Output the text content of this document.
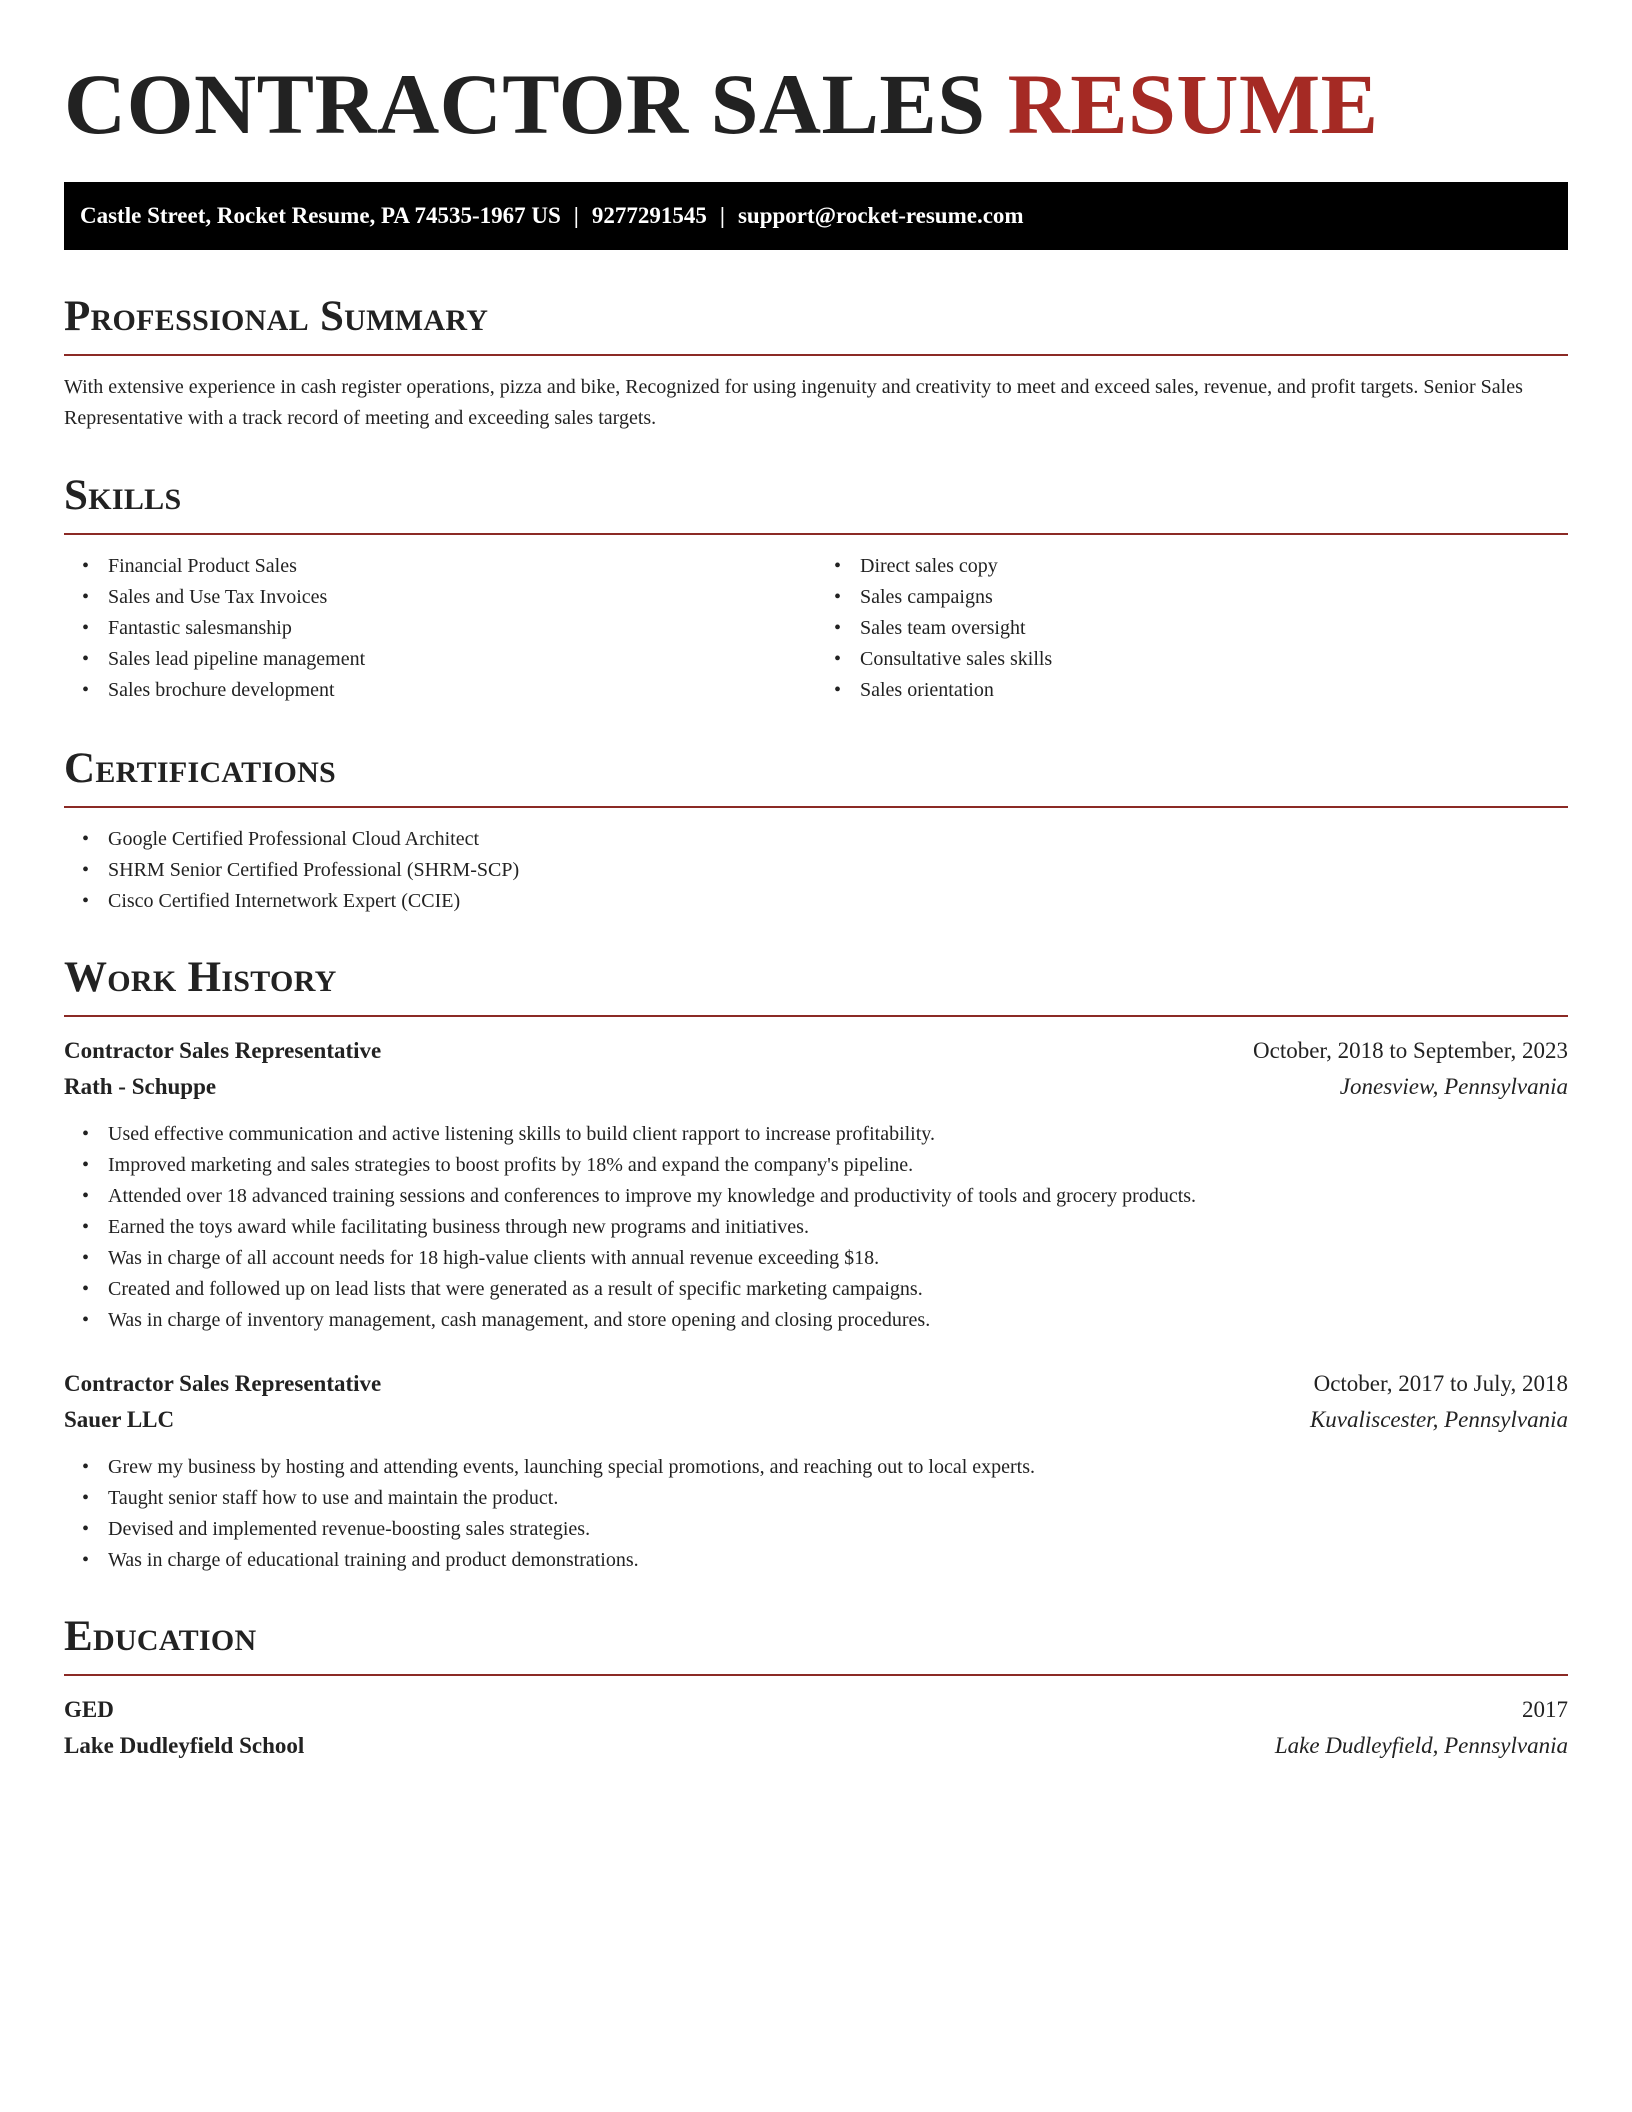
CONTRACTOR SALES RESUME
Castle Street, Rocket Resume, PA 74535-1967 US | 9277291545 | support@rocket-resume.com
Professional Summary
With extensive experience in cash register operations, pizza and bike, Recognized for using ingenuity and creativity to meet and exceed sales, revenue, and profit targets. Senior Sales Representative with a track record of meeting and exceeding sales targets.
Skills
• Financial Product Sales
• Sales and Use Tax Invoices
• Fantastic salesmanship
• Sales lead pipeline management
• Sales brochure development
• Direct sales copy
• Sales campaigns
• Sales team oversight
• Consultative sales skills
• Sales orientation
Certifications
• Google Certified Professional Cloud Architect
• SHRM Senior Certified Professional (SHRM-SCP)
• Cisco Certified Internetwork Expert (CCIE)
Work History
Contractor Sales Representative	October, 2018 to September, 2023
Rath - Schuppe	Jonesview, Pennsylvania
• Used effective communication and active listening skills to build client rapport to increase profitability.
• Improved marketing and sales strategies to boost profits by 18% and expand the company's pipeline.
• Attended over 18 advanced training sessions and conferences to improve my knowledge and productivity of tools and grocery products.
• Earned the toys award while facilitating business through new programs and initiatives.
• Was in charge of all account needs for 18 high-value clients with annual revenue exceeding $18.
• Created and followed up on lead lists that were generated as a result of specific marketing campaigns.
• Was in charge of inventory management, cash management, and store opening and closing procedures.
Contractor Sales Representative	October, 2017 to July, 2018
Sauer LLC	Kuvaliscester, Pennsylvania
• Grew my business by hosting and attending events, launching special promotions, and reaching out to local experts.
• Taught senior staff how to use and maintain the product.
• Devised and implemented revenue-boosting sales strategies.
• Was in charge of educational training and product demonstrations.
Education
GED	2017
Lake Dudleyfield School	Lake Dudleyfield, Pennsylvania
